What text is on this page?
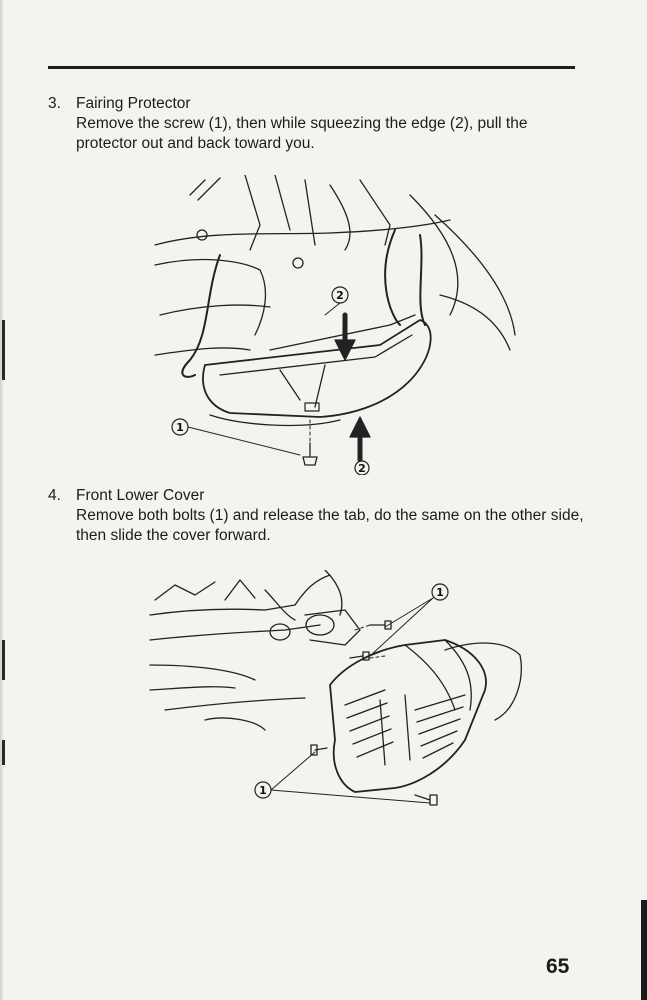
3. Fairing Protector
Remove the screw (1), then while squeezing the edge (2), pull the protector out and back toward you.
1
2
2
4. Front Lower Cover
Remove both bolts (1) and release the tab, do the same on the other side, then slide the cover forward.
1
1
65
